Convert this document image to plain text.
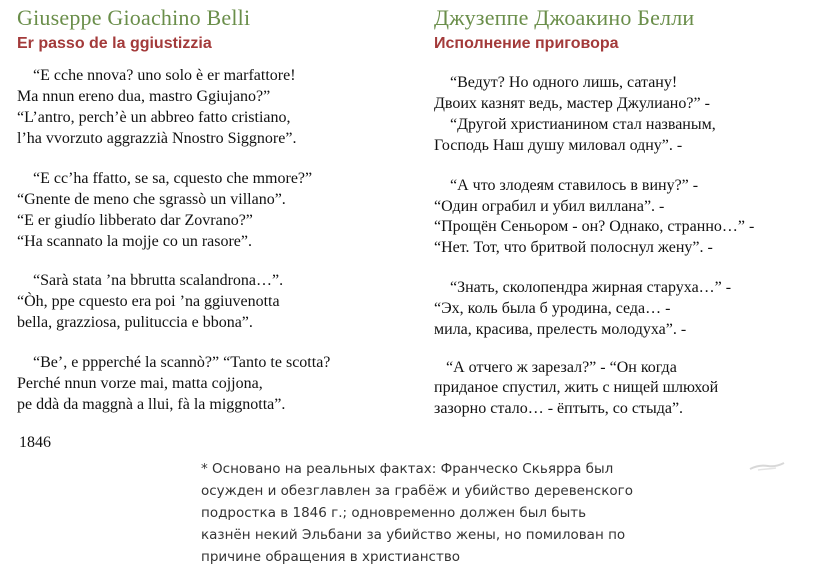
Giuseppe Gioachino Belli
Er passo de la ggiustizzia
“E cche nnova? uno solo è er marfattore!
Ma nnun ereno dua, mastro Ggiujano?”
“L’antro, perch’è un abbreo fatto cristiano,
l’ha vvorzuto aggrazzià Nnostro Siggnore”.
“E cc’ha ffatto, se sa, cquesto che mmore?”
“Gnente de meno che sgrassò un villano”.
“E er giudío libberato dar Zovrano?”
“Ha scannato la mojje co un rasore”.
“Sarà stata ’na bbrutta scalandrona…”.
“Òh, ppe cquesto era poi ’na ggiuvenotta
bella, grazziosa, pulituccia e bbona”.
“Be’, e ppperché la scannò?” “Tanto te scotta?
Perché nnun vorze mai, matta cojjona,
pe ddà da maggnà a llui, fà la miggnotta”.
Джузеппе Джоакино Белли
Исполнение приговора
“Ведут? Но одного лишь, сатану!
Двоих казнят ведь, мастер Джулиано?” -
“Другой христианином стал названым,
Господь Наш душу миловал одну”. -
“А что злодеям ставилось в вину?” -
“Один ограбил и убил виллана”. -
“Прощён Сеньором - он? Однако, странно…” -
“Нет. Тот, что бритвой полоснул жену”. -
“Знать, сколопендра жирная старуха…” -
“Эх, коль была б уродина, седа… -
мила, красива, прелесть молодуха”. -
“А отчего ж зарезал?” - “Он когда
приданое спустил, жить с нищей шлюхой
зазорно стало… - ёптыть, со стыда”.
1846
* Основано на реальных фактах: Франческо Скьярра был
осужден и обезглавлен за грабёж и убийство деревенского
подростка в 1846 г.; одновременно должен был быть
казнён некий Эльбани за убийство жены, но помилован по
причине обращения в христианство
